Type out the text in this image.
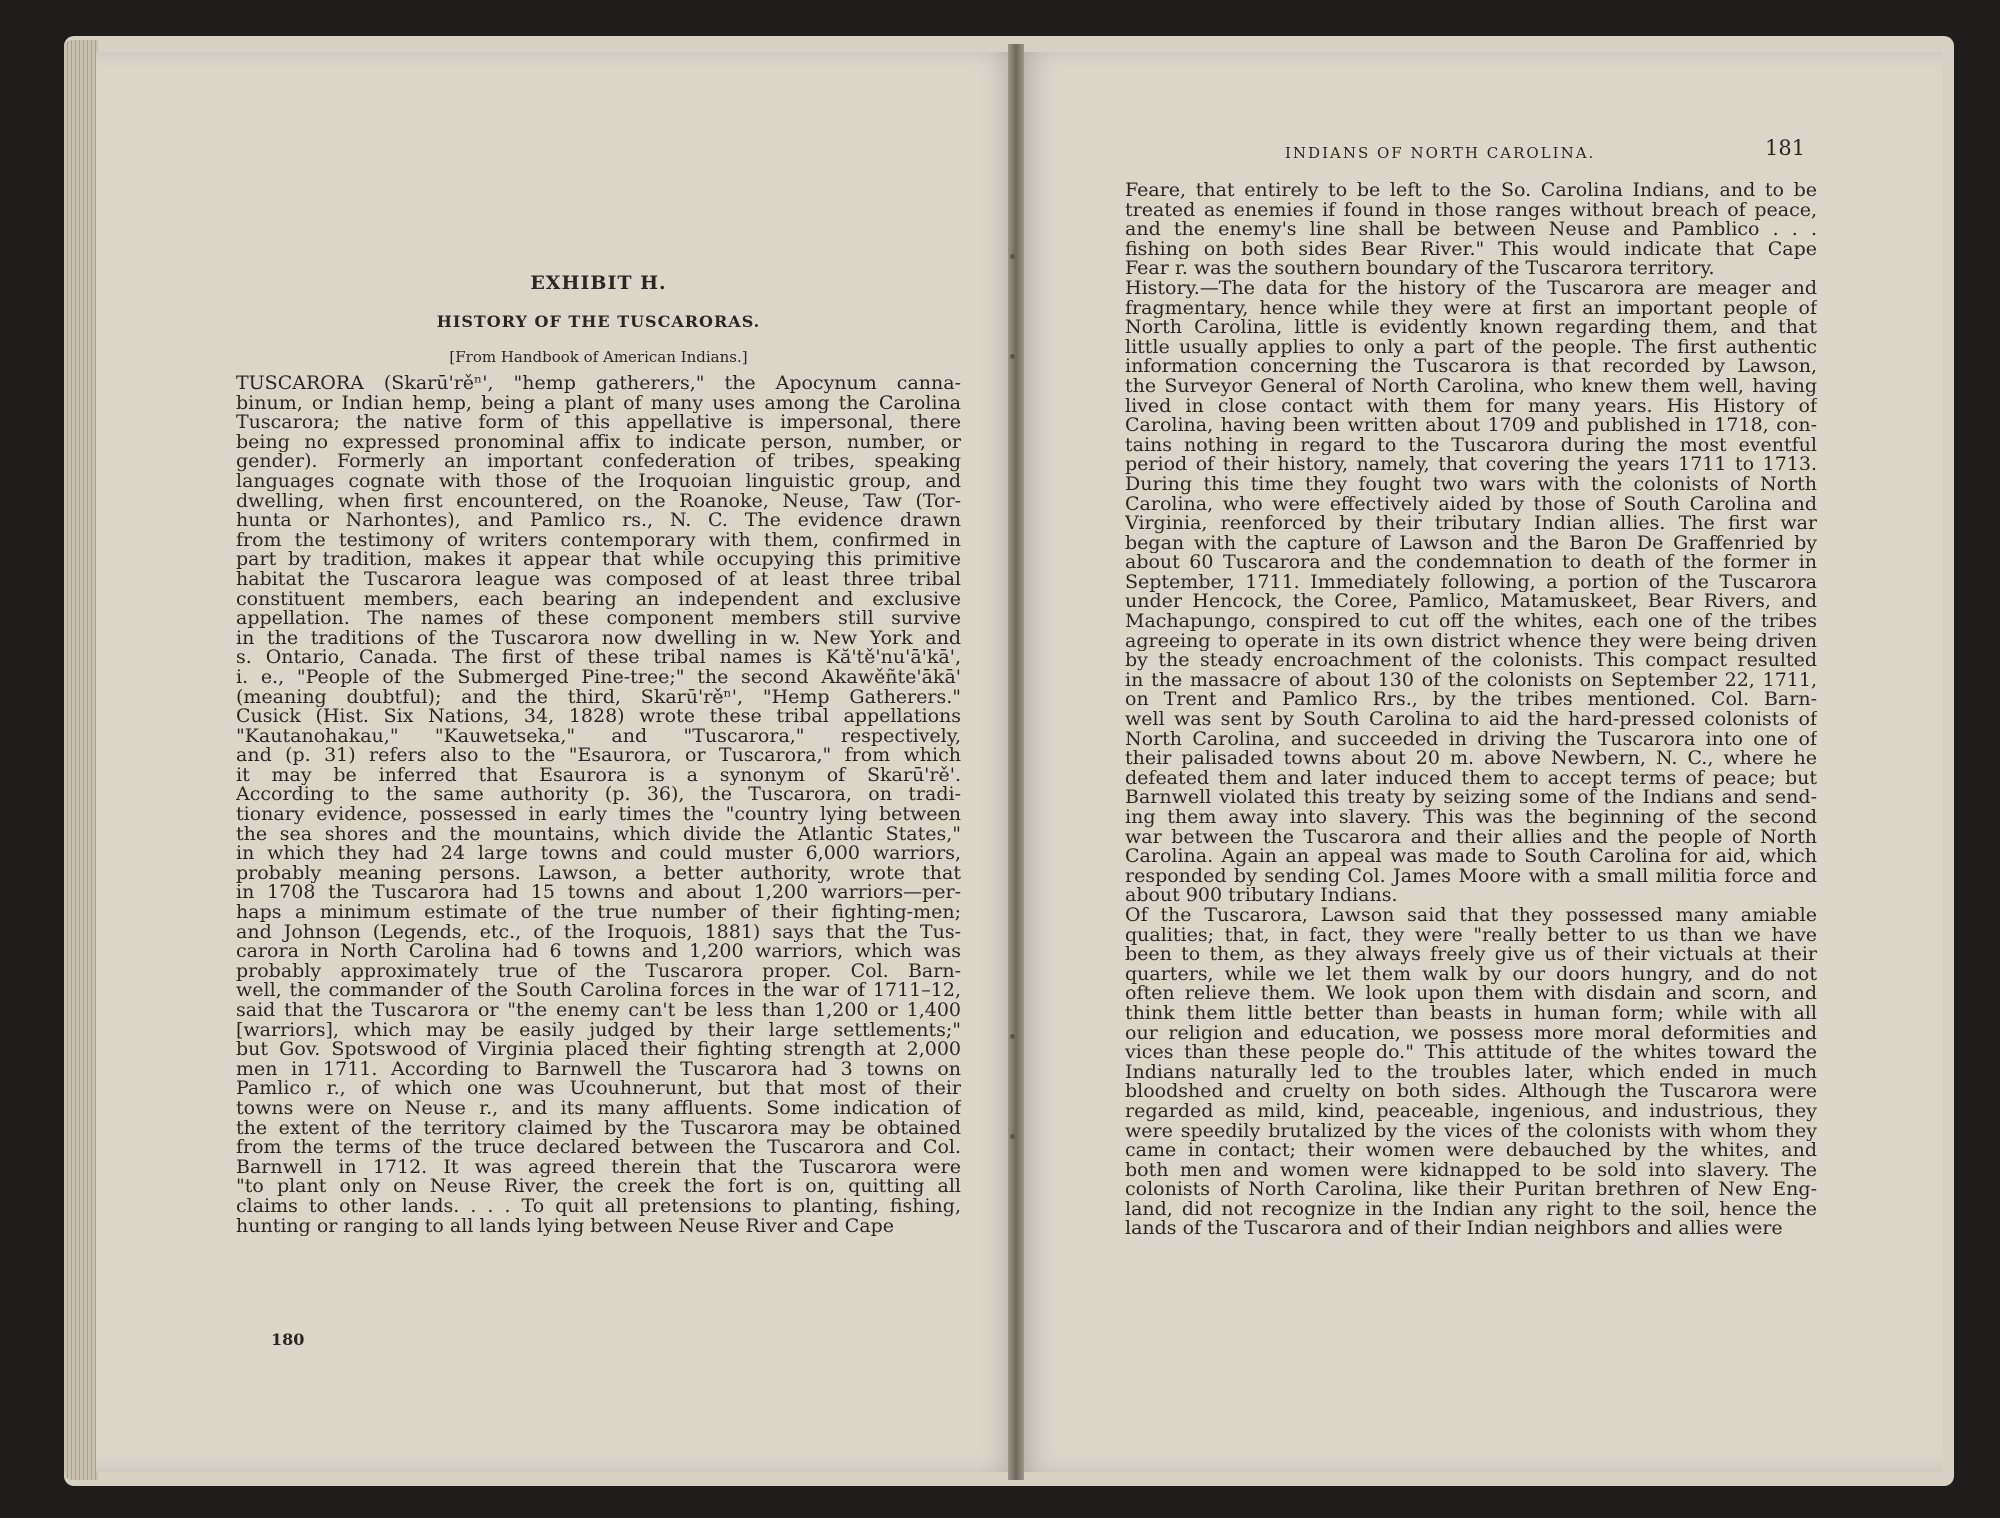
EXHIBIT H.
HISTORY OF THE TUSCARORAS.
[From Handbook of American Indians.]
TUSCARORA (Skarū'rěⁿ', "hemp gatherers," the Apocynum canna-
binum, or Indian hemp, being a plant of many uses among the Carolina
Tuscarora; the native form of this appellative is impersonal, there
being no expressed pronominal affix to indicate person, number, or
gender). Formerly an important confederation of tribes, speaking
languages cognate with those of the Iroquoian linguistic group, and
dwelling, when first encountered, on the Roanoke, Neuse, Taw (Tor-
hunta or Narhontes), and Pamlico rs., N. C. The evidence drawn
from the testimony of writers contemporary with them, confirmed in
part by tradition, makes it appear that while occupying this primitive
habitat the Tuscarora league was composed of at least three tribal
constituent members, each bearing an independent and exclusive
appellation. The names of these component members still survive
in the traditions of the Tuscarora now dwelling in w. New York and
s. Ontario, Canada. The first of these tribal names is Kă'tě'nu'ā'kā',
i. e., "People of the Submerged Pine-tree;" the second Akawěñte'ākā'
(meaning doubtful); and the third, Skarū'rěⁿ', "Hemp Gatherers."
Cusick (Hist. Six Nations, 34, 1828) wrote these tribal appellations
"Kautanohakau," "Kauwetseka," and "Tuscarora," respectively,
and (p. 31) refers also to the "Esaurora, or Tuscarora," from which
it may be inferred that Esaurora is a synonym of Skarū'rě'.
According to the same authority (p. 36), the Tuscarora, on tradi-
tionary evidence, possessed in early times the "country lying between
the sea shores and the mountains, which divide the Atlantic States,"
in which they had 24 large towns and could muster 6,000 warriors,
probably meaning persons. Lawson, a better authority, wrote that
in 1708 the Tuscarora had 15 towns and about 1,200 warriors—per-
haps a minimum estimate of the true number of their fighting-men;
and Johnson (Legends, etc., of the Iroquois, 1881) says that the Tus-
carora in North Carolina had 6 towns and 1,200 warriors, which was
probably approximately true of the Tuscarora proper. Col. Barn-
well, the commander of the South Carolina forces in the war of 1711–12,
said that the Tuscarora or "the enemy can't be less than 1,200 or 1,400
[warriors], which may be easily judged by their large settlements;"
but Gov. Spotswood of Virginia placed their fighting strength at 2,000
men in 1711. According to Barnwell the Tuscarora had 3 towns on
Pamlico r., of which one was Ucouhnerunt, but that most of their
towns were on Neuse r., and its many affluents. Some indication of
the extent of the territory claimed by the Tuscarora may be obtained
from the terms of the truce declared between the Tuscarora and Col.
Barnwell in 1712. It was agreed therein that the Tuscarora were
"to plant only on Neuse River, the creek the fort is on, quitting all
claims to other lands. . . . To quit all pretensions to planting, fishing,
hunting or ranging to all lands lying between Neuse River and Cape
180
INDIANS OF NORTH CAROLINA.	181
Feare, that entirely to be left to the So. Carolina Indians, and to be
treated as enemies if found in those ranges without breach of peace,
and the enemy's line shall be between Neuse and Pamblico . . .
fishing on both sides Bear River." This would indicate that Cape
Fear r. was the southern boundary of the Tuscarora territory.
History.—The data for the history of the Tuscarora are meager and
fragmentary, hence while they were at first an important people of
North Carolina, little is evidently known regarding them, and that
little usually applies to only a part of the people. The first authentic
information concerning the Tuscarora is that recorded by Lawson,
the Surveyor General of North Carolina, who knew them well, having
lived in close contact with them for many years. His History of
Carolina, having been written about 1709 and published in 1718, con-
tains nothing in regard to the Tuscarora during the most eventful
period of their history, namely, that covering the years 1711 to 1713.
During this time they fought two wars with the colonists of North
Carolina, who were effectively aided by those of South Carolina and
Virginia, reenforced by their tributary Indian allies. The first war
began with the capture of Lawson and the Baron De Graffenried by
about 60 Tuscarora and the condemnation to death of the former in
September, 1711. Immediately following, a portion of the Tuscarora
under Hencock, the Coree, Pamlico, Matamuskeet, Bear Rivers, and
Machapungo, conspired to cut off the whites, each one of the tribes
agreeing to operate in its own district whence they were being driven
by the steady encroachment of the colonists. This compact resulted
in the massacre of about 130 of the colonists on September 22, 1711,
on Trent and Pamlico Rrs., by the tribes mentioned. Col. Barn-
well was sent by South Carolina to aid the hard-pressed colonists of
North Carolina, and succeeded in driving the Tuscarora into one of
their palisaded towns about 20 m. above Newbern, N. C., where he
defeated them and later induced them to accept terms of peace; but
Barnwell violated this treaty by seizing some of the Indians and send-
ing them away into slavery. This was the beginning of the second
war between the Tuscarora and their allies and the people of North
Carolina. Again an appeal was made to South Carolina for aid, which
responded by sending Col. James Moore with a small militia force and
about 900 tributary Indians.
Of the Tuscarora, Lawson said that they possessed many amiable
qualities; that, in fact, they were "really better to us than we have
been to them, as they always freely give us of their victuals at their
quarters, while we let them walk by our doors hungry, and do not
often relieve them. We look upon them with disdain and scorn, and
think them little better than beasts in human form; while with all
our religion and education, we possess more moral deformities and
vices than these people do." This attitude of the whites toward the
Indians naturally led to the troubles later, which ended in much
bloodshed and cruelty on both sides. Although the Tuscarora were
regarded as mild, kind, peaceable, ingenious, and industrious, they
were speedily brutalized by the vices of the colonists with whom they
came in contact; their women were debauched by the whites, and
both men and women were kidnapped to be sold into slavery. The
colonists of North Carolina, like their Puritan brethren of New Eng-
land, did not recognize in the Indian any right to the soil, hence the
lands of the Tuscarora and of their Indian neighbors and allies were
